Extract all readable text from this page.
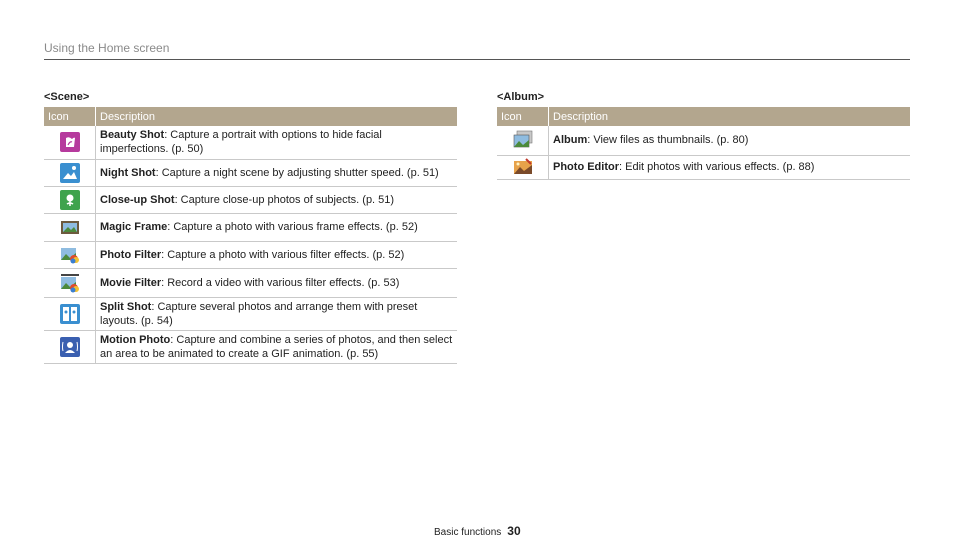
Using the Home screen
<Scene>
Icon	Description

	Beauty Shot: Capture a portrait with options to hide facial imperfections. (p. 50)

	Night Shot: Capture a night scene by adjusting shutter speed. (p. 51)

	Close-up Shot: Capture close-up photos of subjects. (p. 51)

	Magic Frame: Capture a photo with various frame effects. (p. 52)

	Photo Filter: Capture a photo with various filter effects. (p. 52)

	Movie Filter: Record a video with various filter effects. (p. 53)

	Split Shot: Capture several photos and arrange them with preset layouts. (p. 54)

	Motion Photo: Capture and combine a series of photos, and then select an area to be animated to create a GIF animation. (p. 55)
<Album>
Icon	Description

	Album: View files as thumbnails. (p. 80)

	Photo Editor: Edit photos with various effects. (p. 88)
Basic functions 30
